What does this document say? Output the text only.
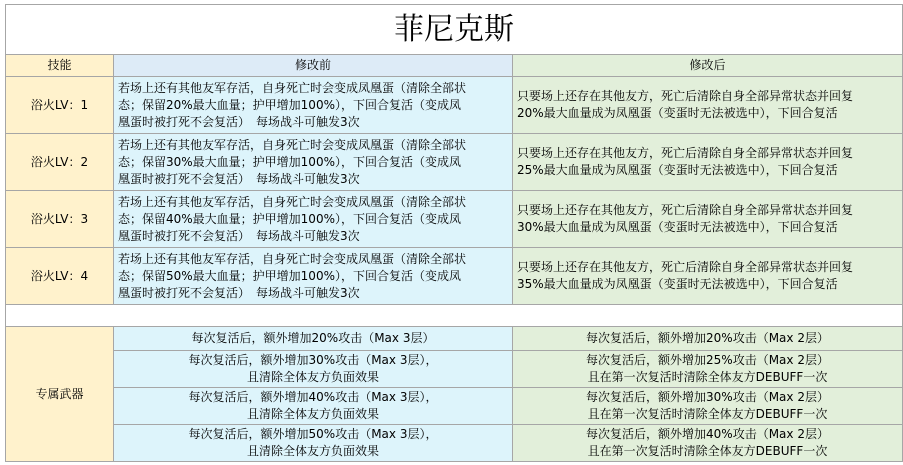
菲尼克斯		
技能	修改前	修改后
浴火LV：1	若场上还有其他友军存活，自身死亡时会变成凤凰蛋（清除全部状
态；保留20%最大血量；护甲增加100%），下回合复活（变成凤
凰蛋时被打死不会复活）　每场战斗可触发3次	只要场上还存在其他友方，死亡后清除自身全部异常状态并回复
20%最大血量成为凤凰蛋（变蛋时无法被选中），下回合复活

浴火LV：2	若场上还有其他友军存活，自身死亡时会变成凤凰蛋（清除全部状
态；保留30%最大血量；护甲增加100%），下回合复活（变成凤
凰蛋时被打死不会复活）　每场战斗可触发3次	只要场上还存在其他友方，死亡后清除自身全部异常状态并回复
25%最大血量成为凤凰蛋（变蛋时无法被选中），下回合复活

浴火LV：3	若场上还有其他友军存活，自身死亡时会变成凤凰蛋（清除全部状
态；保留40%最大血量；护甲增加100%），下回合复活（变成凤
凰蛋时被打死不会复活）　每场战斗可触发3次	只要场上还存在其他友方，死亡后清除自身全部异常状态并回复
30%最大血量成为凤凰蛋（变蛋时无法被选中），下回合复活

浴火LV：4	若场上还有其他友军存活，自身死亡时会变成凤凰蛋（清除全部状
态；保留50%最大血量；护甲增加100%），下回合复活（变成凤
凰蛋时被打死不会复活）　每场战斗可触发3次	只要场上还存在其他友方，死亡后清除自身全部异常状态并回复
35%最大血量成为凤凰蛋（变蛋时无法被选中），下回合复活

专属武器	每次复活后，额外增加20%攻击（Max 3层）	每次复活后，额外增加20%攻击（Max 2层）

	每次复活后，额外增加30%攻击（Max 3层），
且清除全体友方负面效果	每次复活后，额外增加25%攻击（Max 2层）
且在第一次复活时清除全体友方DEBUFF一次

	每次复活后，额外增加40%攻击（Max 3层），
且清除全体友方负面效果	每次复活后，额外增加30%攻击（Max 2层）
且在第一次复活时清除全体友方DEBUFF一次

	每次复活后，额外增加50%攻击（Max 3层），
且清除全体友方负面效果	每次复活后，额外增加40%攻击（Max 2层）
且在第一次复活时清除全体友方DEBUFF一次
